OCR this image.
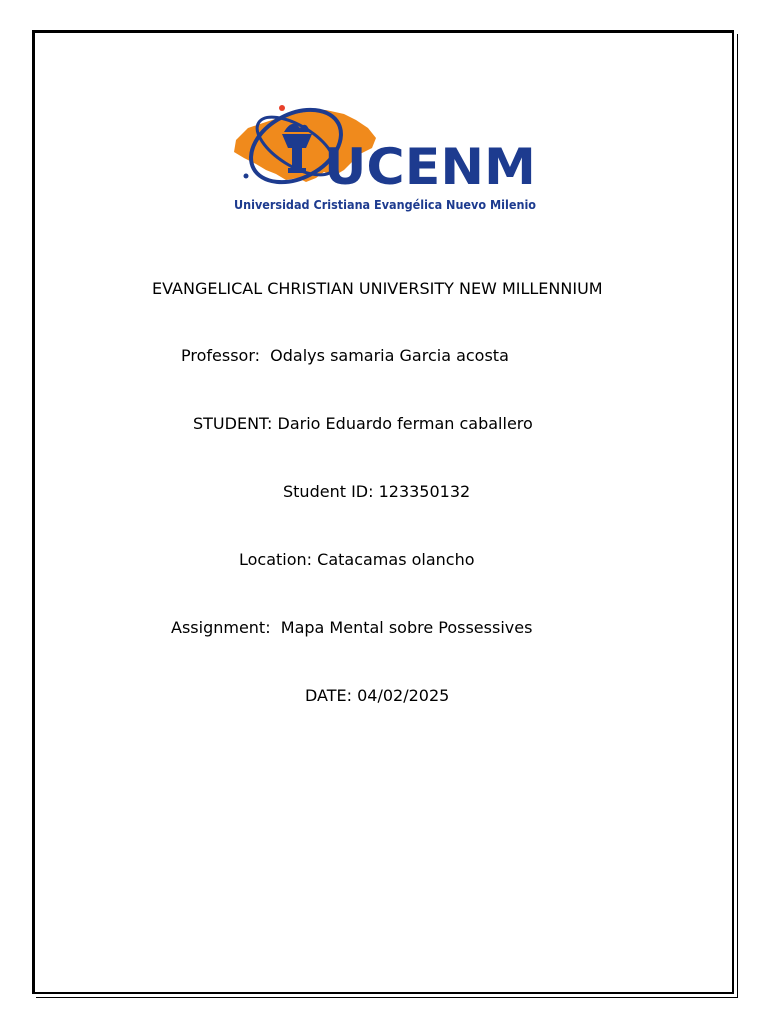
UCENM
Universidad Cristiana Evangélica Nuevo Milenio
EVANGELICAL CHRISTIAN UNIVERSITY NEW MILLENNIUM
Professor:  Odalys samaria Garcia acosta
STUDENT: Dario Eduardo ferman caballero
Student ID: 123350132
Location: Catacamas olancho
Assignment:  Mapa Mental sobre Possessives
DATE: 04/02/2025
